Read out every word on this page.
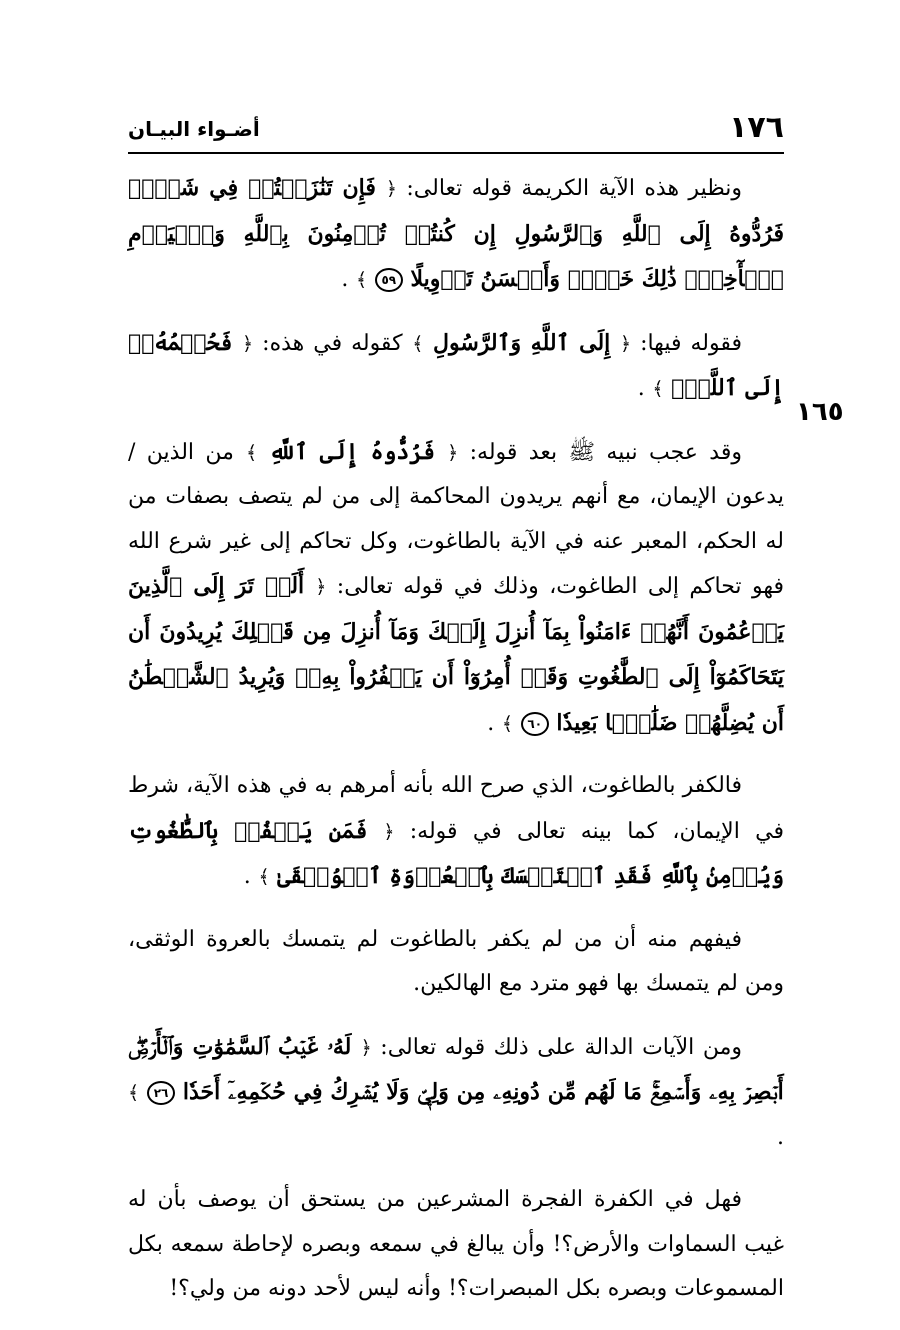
١٧٦
أضـواء البيـان
١٦٥

ونظير هذه الآية الكريمة قوله تعالى: ﴿ فَإِن تَنَٰزَعۡتُمۡ فِي شَيۡءٖ فَرُدُّوهُ إِلَى ٱللَّهِ وَٱلرَّسُولِ إِن كُنتُمۡ تُؤۡمِنُونَ بِٱللَّهِ وَٱلۡيَوۡمِ ٱلۡأٓخِرِۚ ذَٰلِكَ خَيۡرٞ وَأَحۡسَنُ تَأۡوِيلًا ٥٩ ﴾ .

فقوله فيها: ﴿ إِلَى ٱللَّهِ وَٱلرَّسُولِ ﴾ كقوله في هذه: ﴿ فَحُكۡمُهُۥٓ إِلَى ٱللَّهِۚ ﴾ .

وقد عجب نبيه ﷺ بعد قوله: ﴿ فَرُدُّوهُ إِلَى ٱللَّهِ ﴾ من الذين /يدعون الإيمان، مع أنهم يريدون المحاكمة إلى من لم يتصف بصفات من له الحكم، المعبر عنه في الآية بالطاغوت، وكل تحاكم إلى غير شرع الله فهو تحاكم إلى الطاغوت، وذلك في قوله تعالى: ﴿ أَلَمۡ تَرَ إِلَى ٱلَّذِينَ يَزۡعُمُونَ أَنَّهُمۡ ءَامَنُواْ بِمَآ أُنزِلَ إِلَيۡكَ وَمَآ أُنزِلَ مِن قَبۡلِكَ يُرِيدُونَ أَن يَتَحَاكَمُوٓاْ إِلَى ٱلطَّٰغُوتِ وَقَدۡ أُمِرُوٓاْ أَن يَكۡفُرُواْ بِهِۦۖ وَيُرِيدُ ٱلشَّيۡطَٰنُ أَن يُضِلَّهُمۡ ضَلَٰلَۢا بَعِيدٗا ٦٠ ﴾ .

فالكفر بالطاغوت، الذي صرح الله بأنه أمرهم به في هذه الآية، شرط في الإيمان، كما بينه تعالى في قوله: ﴿ فَمَن يَكۡفُرۡ بِٱلطَّٰغُوتِ وَيُؤۡمِنۢ بِٱللَّهِ فَقَدِ ٱسۡتَمۡسَكَ بِٱلۡعُرۡوَةِ ٱلۡوُثۡقَىٰ ﴾ .

فيفهم منه أن من لم يكفر بالطاغوت لم يتمسك بالعروة الوثقى، ومن لم يتمسك بها فهو مترد مع الهالكين.

ومن الآيات الدالة على ذلك قوله تعالى: ﴿ لَهُۥ غَيۡبُ ٱلسَّمَٰوَٰتِ وَٱلۡأَرۡضِۖ أَبۡصِرۡ بِهِۦ وَأَسۡمِعۡۚ مَا لَهُم مِّن دُونِهِۦ مِن وَلِيّٖ وَلَا يُشۡرِكُ فِي حُكۡمِهِۦٓ أَحَدٗا ٢٦ ﴾ .

فهل في الكفرة الفجرة المشرعين من يستحق أن يوصف بأن له غيب السماوات والأرض؟! وأن يبالغ في سمعه وبصره لإحاطة سمعه بكل المسموعات وبصره بكل المبصرات؟! وأنه ليس لأحد دونه من ولي؟!
